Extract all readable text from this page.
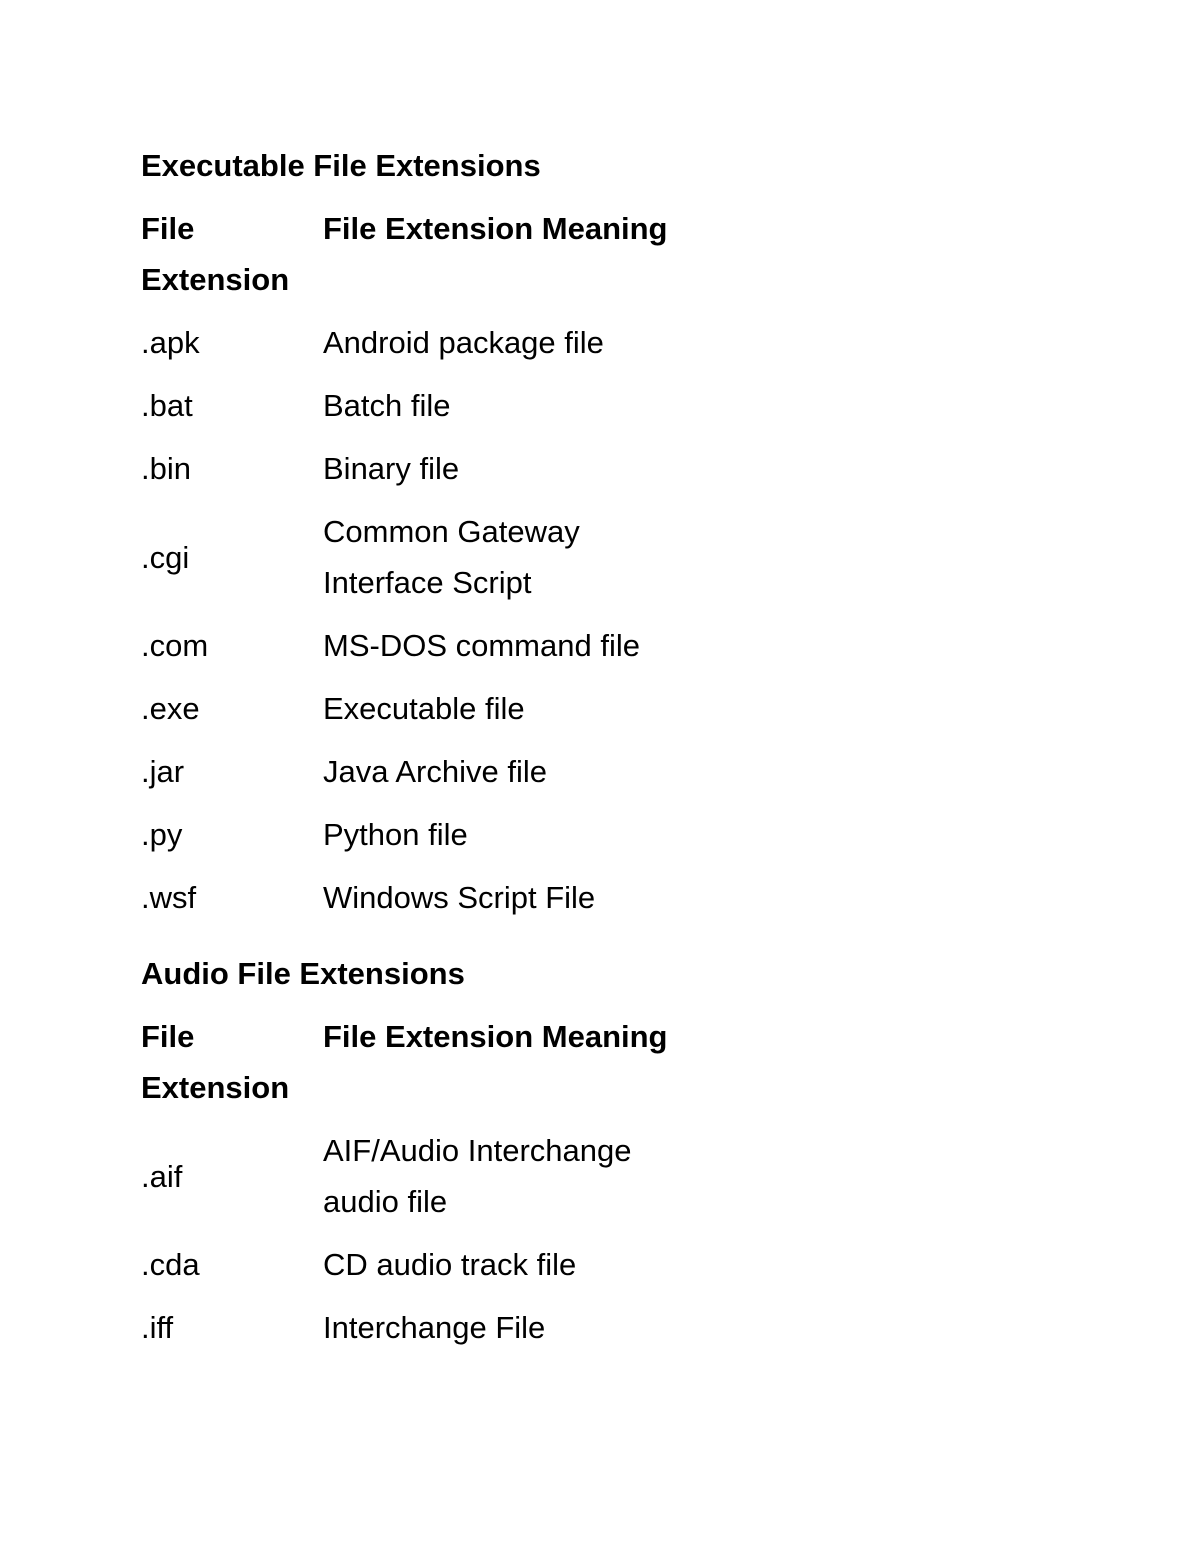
Executable File Extensions
File Extension	File Extension Meaning
.apk	Android package file
.bat	Batch file
.bin	Binary file
.cgi	Common Gateway Interface Script
.com	MS-DOS command file
.exe	Executable file
.jar	Java Archive file
.py	Python file
.wsf	Windows Script File
Audio File Extensions
File Extension	File Extension Meaning
.aif	AIF/Audio Interchange audio file
.cda	CD audio track file
.iff	Interchange File
